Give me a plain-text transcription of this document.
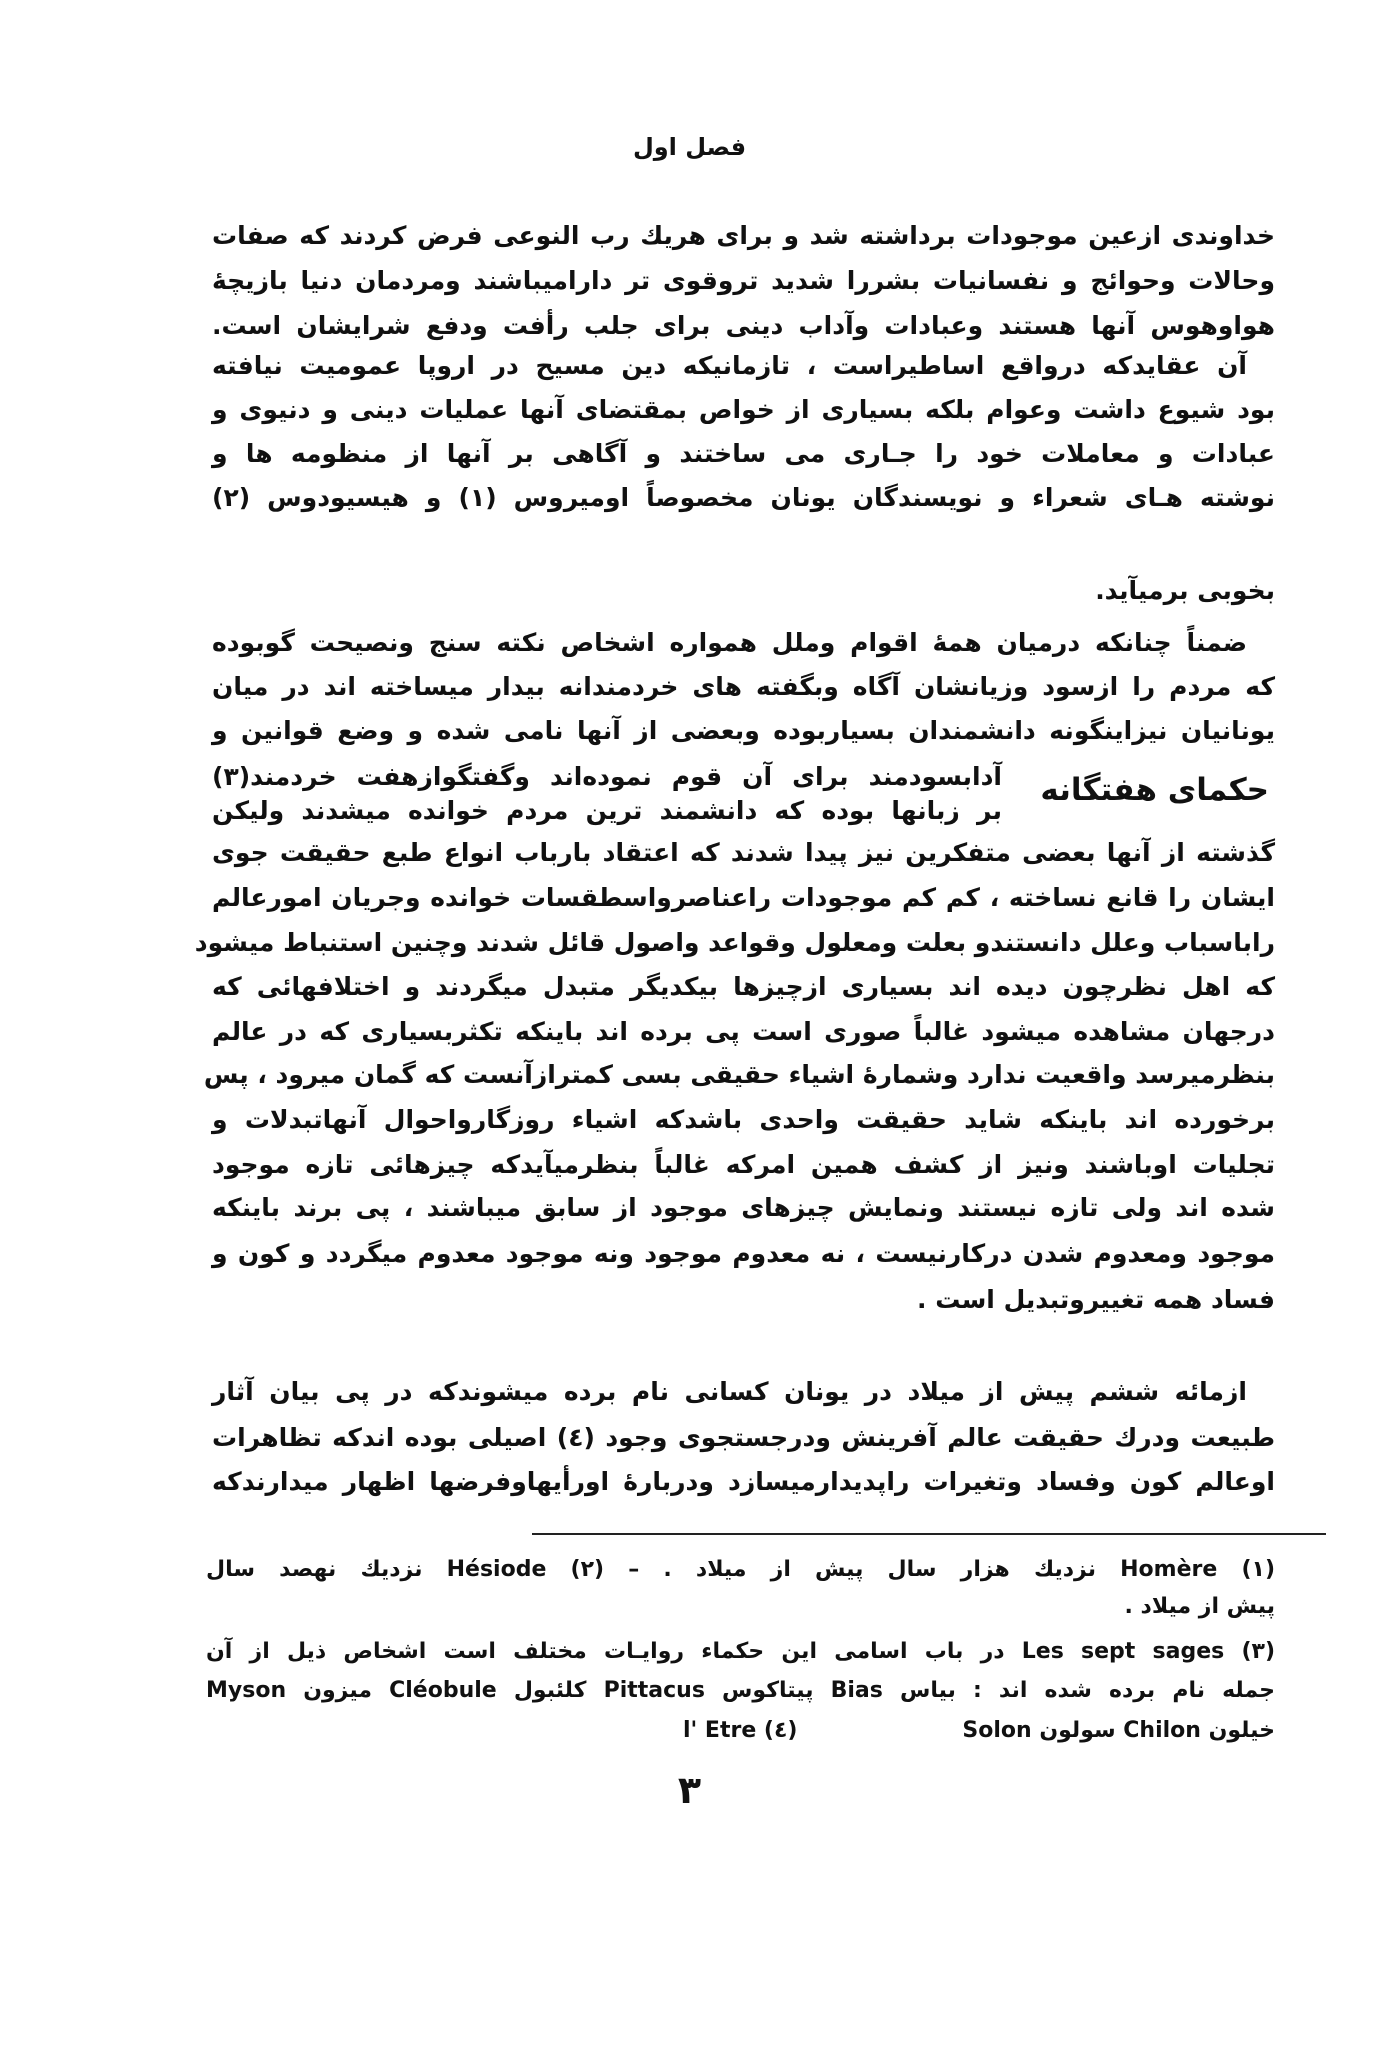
فصل اول
خداوندی ازعین موجودات برداشته شد و برای هریك رب النوعی فرض کردند که صفات
وحالات وحوائج و نفسانیات بشررا شدید تروقوی تر دارامیباشند ومردمان دنیا بازیچهٔ
هواوهوس آنها هستند وعبادات وآداب دینی برای جلب رأفت ودفع شرایشان است.
آن عقایدکه درواقع اساطیراست ، تازمانیکه دین مسیح در اروپا عمومیت نیافته
بود شیوع داشت وعوام بلکه بسیاری از خواص بمقتضای آنها عملیات دینی و دنیوی و
عبادات و معاملات خود را جـاری می ساختند و آگاهی بر آنها از منظومه ها و
نوشته هـای شعراء و نویسندگان یونان مخصوصاً اومیروس (۱) و هیسیودوس (۲)
بخوبی برمیآید.
ضمناً چنانکه درمیان همهٔ اقوام وملل همواره اشخاص نکته سنج ونصیحت گوبوده
که مردم را ازسود وزیانشان آگاه وبگفته های خردمندانه بیدار میساخته اند در میان
یونانیان نیزاینگونه دانشمندان بسیاربوده وبعضی از آنها نامی شده و وضع قوانین و
آدابسودمند برای آن قوم نموده‌اند وگفتگوازهفت خردمند(۳)
بر زبانها بوده که دانشمند ترین مردم خوانده میشدند ولیکن
حکمای هفتگانه
گذشته از آنها بعضی متفکرین نیز پیدا شدند که اعتقاد بارباب انواع طبع حقیقت جوی
ایشان را قانع نساخته ، کم کم موجودات راعناصرواسطقسات خوانده وجریان امورعالم
راباسباب وعلل دانستندو بعلت ومعلول وقواعد واصول قائل شدند وچنین استنباط میشود
که اهل نظرچون دیده اند بسیاری ازچیزها بیکدیگر متبدل میگردند و اختلافهائی که
درجهان مشاهده میشود غالباً صوری است پی برده اند باینکه تکثربسیاری که در عالم
بنظرمیرسد واقعیت ندارد وشمارهٔ اشیاء حقیقی بسی کمترازآنست که گمان میرود ، پس
برخورده اند باینکه شاید حقیقت واحدی باشدکه اشیاء روزگارواحوال آنهاتبدلات و
تجلیات اوباشند ونیز از کشف همین امرکه غالباً بنظرمیآیدکه چیزهائی تازه موجود
شده اند ولی تازه نیستند ونمایش چیزهای موجود از سابق میباشند ، پی برند باینکه
موجود ومعدوم شدن درکارنیست ، نه معدوم موجود ونه موجود معدوم میگردد و کون و
فساد همه تغییروتبدیل است .
ازمائه ششم پیش از میلاد در یونان کسانی نام برده میشوندکه در پی بیان آثار
طبیعت ودرك حقیقت عالم آفرینش ودرجستجوی وجود (٤) اصیلی بوده اندکه تظاهرات
اوعالم کون وفساد وتغیرات راپدیدارمیسازد ودربارهٔ اورأیهاوفرضها اظهار میدارندکه
(۱) Homère نزدیك هزار سال پیش از میلاد . – (۲) Hésiode نزدیك نهصد سال
پیش از میلاد .
(۳) Les sept sages در باب اسامی این حکماء روایـات مختلف است اشخاص ذیل از آن
جمله نام برده شده اند : بیاس Bias پیتاکوس Pittacus کلئبول Cléobule میزون Myson
خیلون Chilon سولون Solon
(٤) l' Etre
۳
